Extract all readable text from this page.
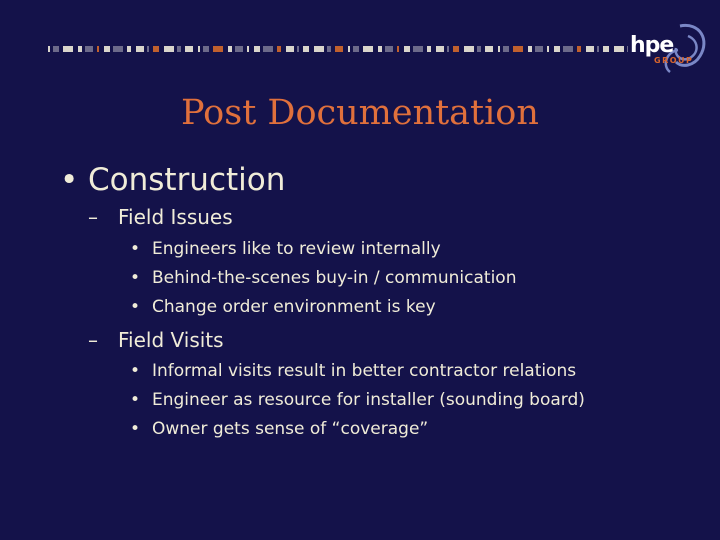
hpe
GROUP
Post Documentation
• Construction
– Field Issues
• Engineers like to review internally
• Behind-the-scenes buy-in / communication
• Change order environment is key
– Field Visits
• Informal visits result in better contractor relations
• Engineer as resource for installer (sounding board)
• Owner gets sense of “coverage”
